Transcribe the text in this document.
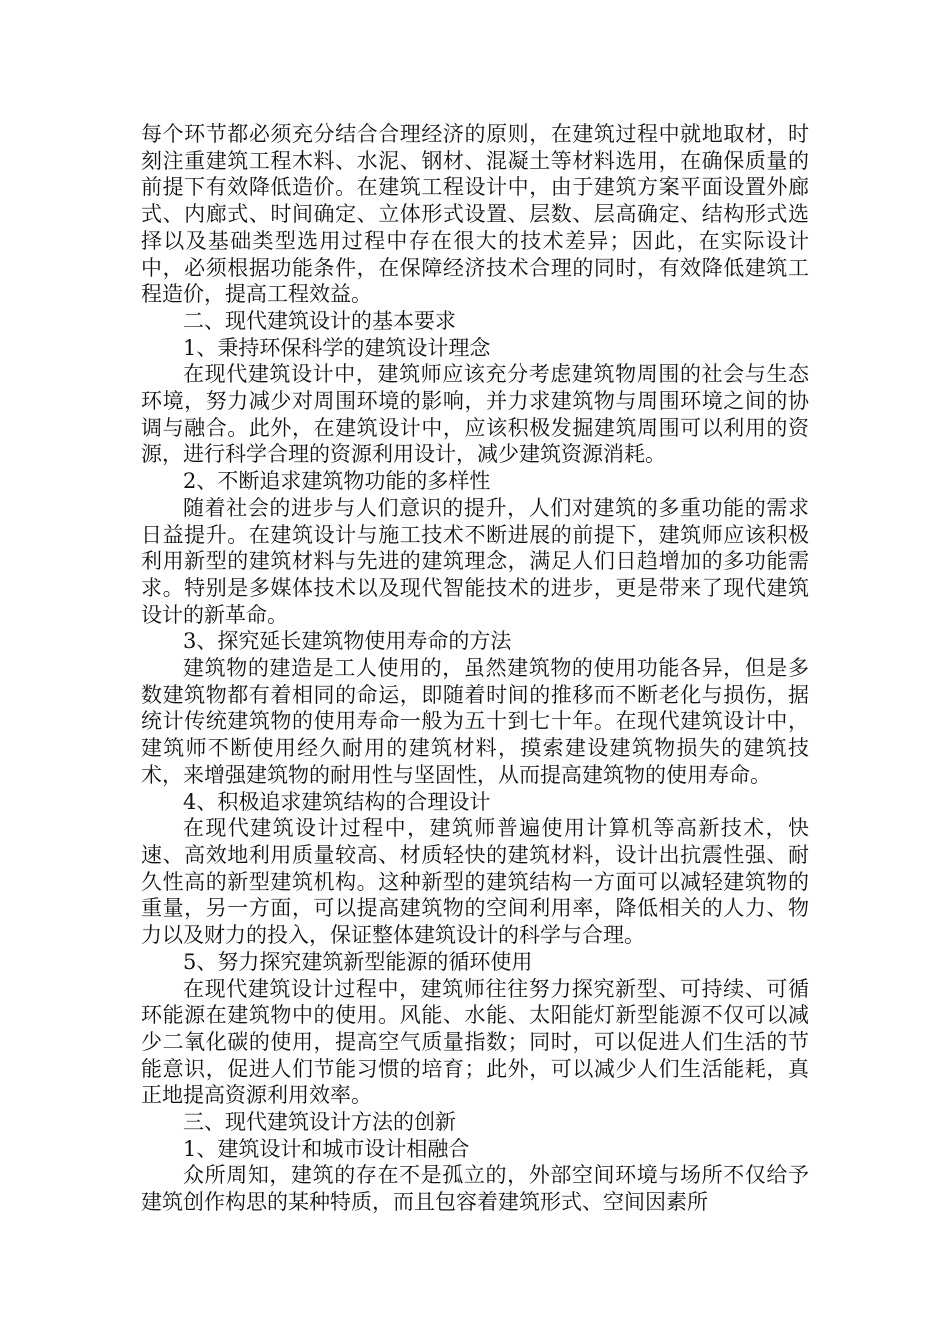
每个环节都必须充分结合合理经济的原则，在建筑过程中就地取材，时刻注重建筑工程木料、水泥、钢材、混凝土等材料选用，在确保质量的前提下有效降低造价。在建筑工程设计中，由于建筑方案平面设置外廊式、内廊式、时间确定、立体形式设置、层数、层高确定、结构形式选择以及基础类型选用过程中存在很大的技术差异；因此，在实际设计中，必须根据功能条件，在保障经济技术合理的同时，有效降低建筑工程造价，提高工程效益。

二、现代建筑设计的基本要求

1、秉持环保科学的建筑设计理念

在现代建筑设计中，建筑师应该充分考虑建筑物周围的社会与生态环境，努力减少对周围环境的影响，并力求建筑物与周围环境之间的协调与融合。此外，在建筑设计中，应该积极发掘建筑周围可以利用的资源，进行科学合理的资源利用设计，减少建筑资源消耗。

2、不断追求建筑物功能的多样性

随着社会的进步与人们意识的提升，人们对建筑的多重功能的需求日益提升。在建筑设计与施工技术不断进展的前提下，建筑师应该积极利用新型的建筑材料与先进的建筑理念，满足人们日趋增加的多功能需求。特别是多媒体技术以及现代智能技术的进步，更是带来了现代建筑设计的新革命。

3、探究延长建筑物使用寿命的方法

建筑物的建造是工人使用的，虽然建筑物的使用功能各异，但是多数建筑物都有着相同的命运，即随着时间的推移而不断老化与损伤，据统计传统建筑物的使用寿命一般为五十到七十年。在现代建筑设计中，建筑师不断使用经久耐用的建筑材料，摸索建设建筑物损失的建筑技术，来增强建筑物的耐用性与坚固性，从而提高建筑物的使用寿命。

4、积极追求建筑结构的合理设计

在现代建筑设计过程中，建筑师普遍使用计算机等高新技术，快速、高效地利用质量较高、材质轻快的建筑材料，设计出抗震性强、耐久性高的新型建筑机构。这种新型的建筑结构一方面可以减轻建筑物的重量，另一方面，可以提高建筑物的空间利用率，降低相关的人力、物力以及财力的投入，保证整体建筑设计的科学与合理。

5、努力探究建筑新型能源的循环使用

在现代建筑设计过程中，建筑师往往努力探究新型、可持续、可循环能源在建筑物中的使用。风能、水能、太阳能灯新型能源不仅可以减少二氧化碳的使用，提高空气质量指数；同时，可以促进人们生活的节能意识，促进人们节能习惯的培育；此外，可以减少人们生活能耗，真正地提高资源利用效率。

三、现代建筑设计方法的创新

1、建筑设计和城市设计相融合

众所周知，建筑的存在不是孤立的，外部空间环境与场所不仅给予建筑创作构思的某种特质，而且包容着建筑形式、空间因素所
